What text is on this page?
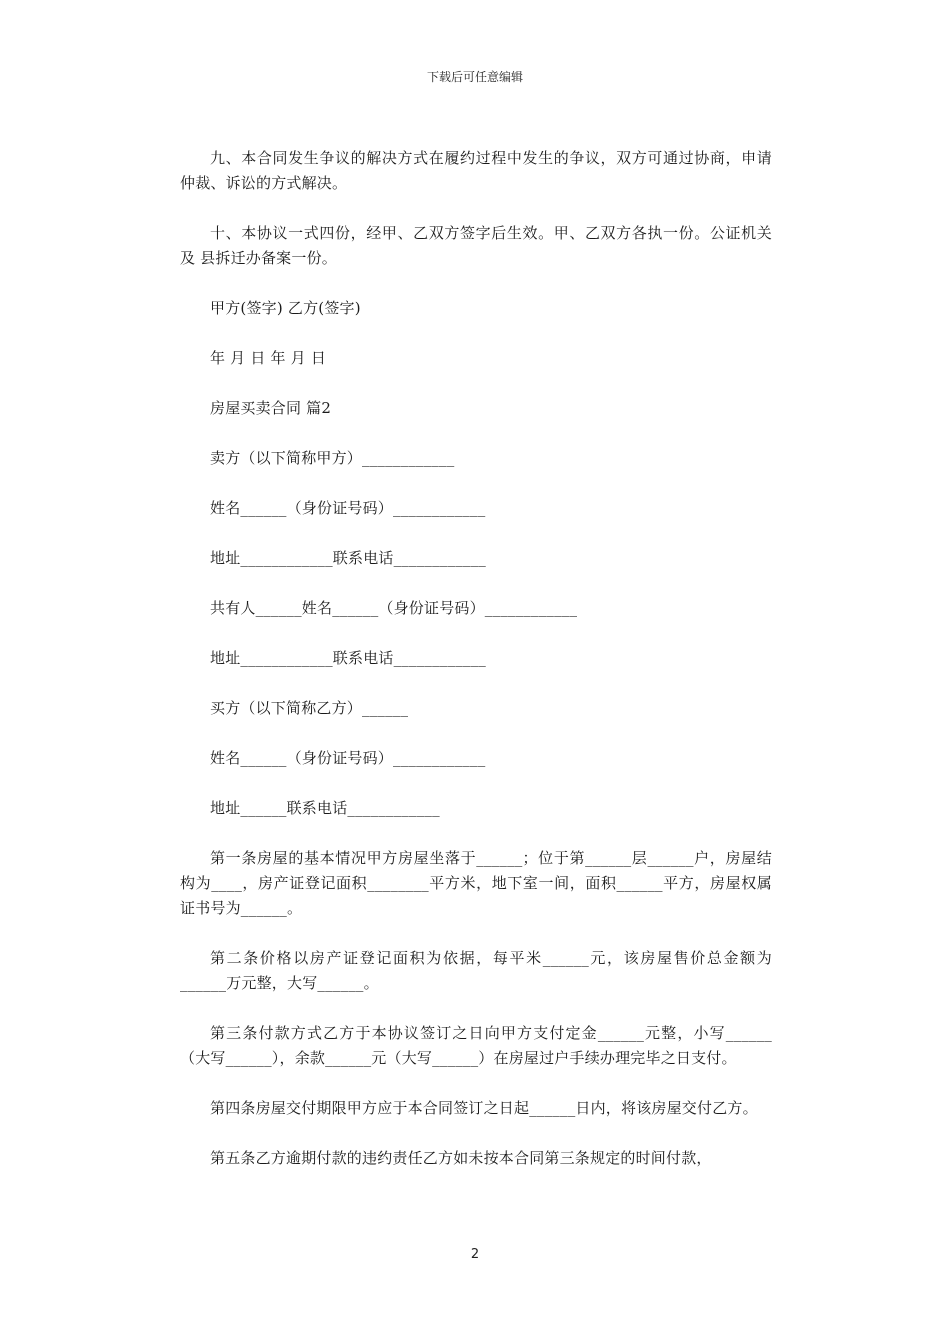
下载后可任意编辑

九、本合同发生争议的解决方式在履约过程中发生的争议，双方可通过协商，申请仲裁、诉讼的方式解决。

十、本协议一式四份，经甲、乙双方签字后生效。甲、乙双方各执一份。公证机关及 县拆迁办备案一份。

甲方(签字) 乙方(签字)

年 月 日 年 月 日

房屋买卖合同 篇2

卖方（以下简称甲方）____________

姓名______（身份证号码）____________

地址____________联系电话____________

共有人______姓名______（身份证号码）____________

地址____________联系电话____________

买方（以下简称乙方）______

姓名______（身份证号码）____________

地址______联系电话____________

第一条房屋的基本情况甲方房屋坐落于______；位于第______层______户，房屋结构为____，房产证登记面积________平方米，地下室一间，面积______平方，房屋权属证书号为______。

第二条价格以房产证登记面积为依据，每平米______元，该房屋售价总金额为______万元整，大写______。

第三条付款方式乙方于本协议签订之日向甲方支付定金______元整，小写______（大写______），余款______元（大写______）在房屋过户手续办理完毕之日支付。

第四条房屋交付期限甲方应于本合同签订之日起______日内，将该房屋交付乙方。

第五条乙方逾期付款的违约责任乙方如未按本合同第三条规定的时间付款，

2
